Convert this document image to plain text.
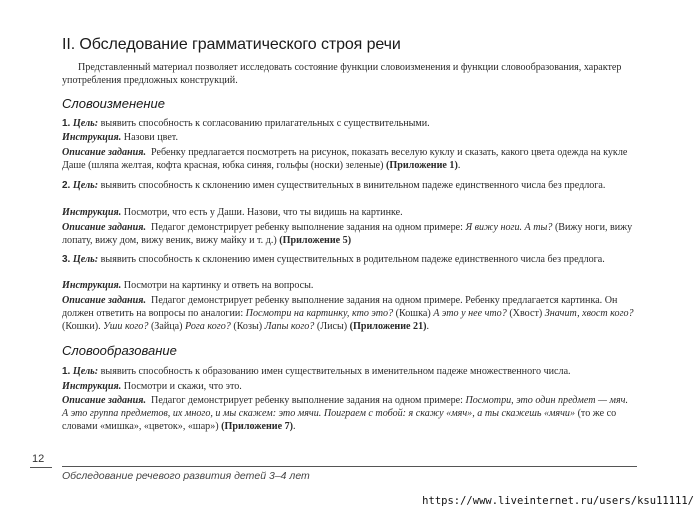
II. Обследование грамматического строя речи

Представленный материал позволяет исследовать состояние функции словоизменения и функции словообразования, характер употребления предложных конструкций.

Словоизменение

1. Цель: выявить способность к согласованию прилагательных с существительными.

Инструкция. Назови цвет.

Описание задания. Ребенку предлагается посмотреть на рисунок, показать веселую куклу и сказать, какого цвета одежда на кукле Даше (шляпа желтая, кофта красная, юбка синяя, гольфы (носки) зеленые) (Приложение 1).

2. Цель: выявить способность к склонению имен существительных в винительном падеже единственного числа без предлога.

Инструкция. Посмотри, что есть у Даши. Назови, что ты видишь на картинке.

Описание задания. Педагог демонстрирует ребенку выполнение задания на одном примере: Я вижу ноги. А ты? (Вижу ноги, вижу лопату, вижу дом, вижу веник, вижу майку и т. д.) (Приложение 5)

3. Цель: выявить способность к склонению имен существительных в родительном падеже единственного числа без предлога.

Инструкция. Посмотри на картинку и ответь на вопросы.

Описание задания. Педагог демонстрирует ребенку выполнение задания на одном примере. Ребенку предлагается картинка. Он должен ответить на вопросы по аналогии: Посмотри на картинку, кто это? (Кошка) А это у нее что? (Хвост) Значит, хвост кого? (Кошки). Уши кого? (Зайца) Рога кого? (Козы) Лапы кого? (Лисы) (Приложение 21).

Словообразование

1. Цель: выявить способность к образованию имен существительных в именительном падеже множественного числа.

Инструкция. Посмотри и скажи, что это.

Описание задания. Педагог демонстрирует ребенку выполнение задания на одном примере: Посмотри, это один предмет — мяч. А это группа предметов, их много, и мы скажем: это мячи. Поиграем с тобой: я скажу «мяч», а ты скажешь «мячи» (то же со словами «мишка», «цветок», «шар») (Приложение 7).

12
Обследование речевого развития детей 3–4 лет
https://www.liveinternet.ru/users/ksu11111/
